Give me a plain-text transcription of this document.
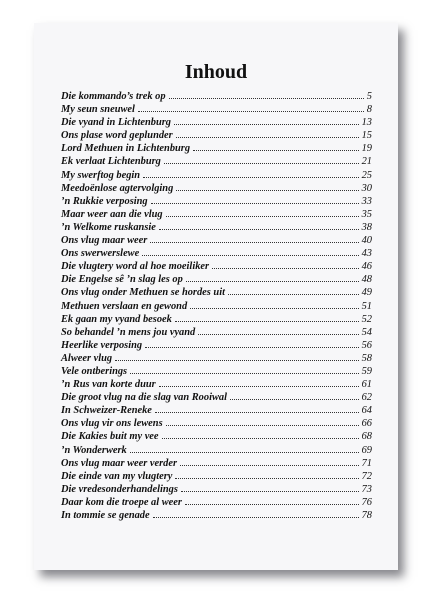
Inhoud
Die kommando’s trek op	5
My seun sneuwel	8
Die vyand in Lichtenburg	13
Ons plase word geplunder	15
Lord Methuen in Lichtenburg	19
Ek verlaat Lichtenburg	21
My swerftog begin	25
Meedoënlose agtervolging	30
’n Rukkie verposing	33
Maar weer aan die vlug	35
’n Welkome ruskansie	38
Ons vlug maar weer	40
Ons swerwerslewe	43
Die vlugtery word al hoe moeiliker	46
Die Engelse sê ’n slag les op	48
Ons vlug onder Methuen se hordes uit	49
Methuen verslaan en gewond	51
Ek gaan my vyand besoek	52
So behandel ’n mens jou vyand	54
Heerlike verposing	56
Alweer vlug	58
Vele ontberings	59
’n Rus van korte duur	61
Die groot vlug na die slag van Rooiwal	62
In Schweizer-Reneke	64
Ons vlug vir ons lewens	66
Die Kakies buit my vee	68
’n Wonderwerk	69
Ons vlug maar weer verder	71
Die einde van my vlugtery	72
Die vredesonderhandelings	73
Daar kom die troepe al weer	76
In tommie se genade	78
